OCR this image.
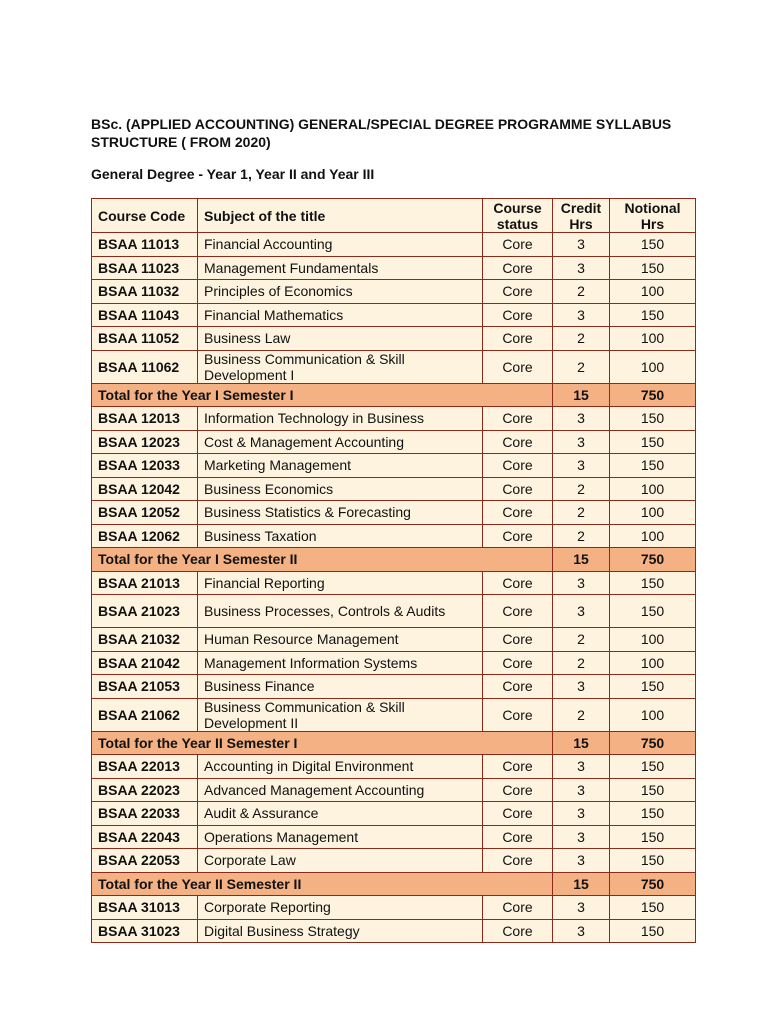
BSc. (APPLIED ACCOUNTING) GENERAL/SPECIAL DEGREE PROGRAMME SYLLABUS STRUCTURE ( FROM 2020)
General Degree - Year 1, Year II and Year III
Course Code	Subject of the title	Course status	Credit Hrs	Notional Hrs
BSAA 11013	Financial Accounting	Core	3	150
BSAA 11023	Management Fundamentals	Core	3	150
BSAA 11032	Principles of Economics	Core	2	100
BSAA 11043	Financial Mathematics	Core	3	150
BSAA 11052	Business Law	Core	2	100
BSAA 11062	Business Communication & Skill Development I	Core	2	100
Total for the Year I Semester I			15	750
BSAA 12013	Information Technology in Business	Core	3	150
BSAA 12023	Cost & Management Accounting	Core	3	150
BSAA 12033	Marketing Management	Core	3	150
BSAA 12042	Business Economics	Core	2	100
BSAA 12052	Business Statistics & Forecasting	Core	2	100
BSAA 12062	Business Taxation	Core	2	100
Total for the Year I Semester II			15	750
BSAA 21013	Financial Reporting	Core	3	150
BSAA 21023	Business Processes, Controls & Audits	Core	3	150
BSAA 21032	Human Resource Management	Core	2	100
BSAA 21042	Management Information Systems	Core	2	100
BSAA 21053	Business Finance	Core	3	150
BSAA 21062	Business Communication & Skill Development II	Core	2	100
Total for the Year II Semester I			15	750
BSAA 22013	Accounting in Digital Environment	Core	3	150
BSAA 22023	Advanced Management Accounting	Core	3	150
BSAA 22033	Audit & Assurance	Core	3	150
BSAA 22043	Operations Management	Core	3	150
BSAA 22053	Corporate Law	Core	3	150
Total for the Year II Semester II			15	750
BSAA 31013	Corporate Reporting	Core	3	150
BSAA 31023	Digital Business Strategy	Core	3	150
